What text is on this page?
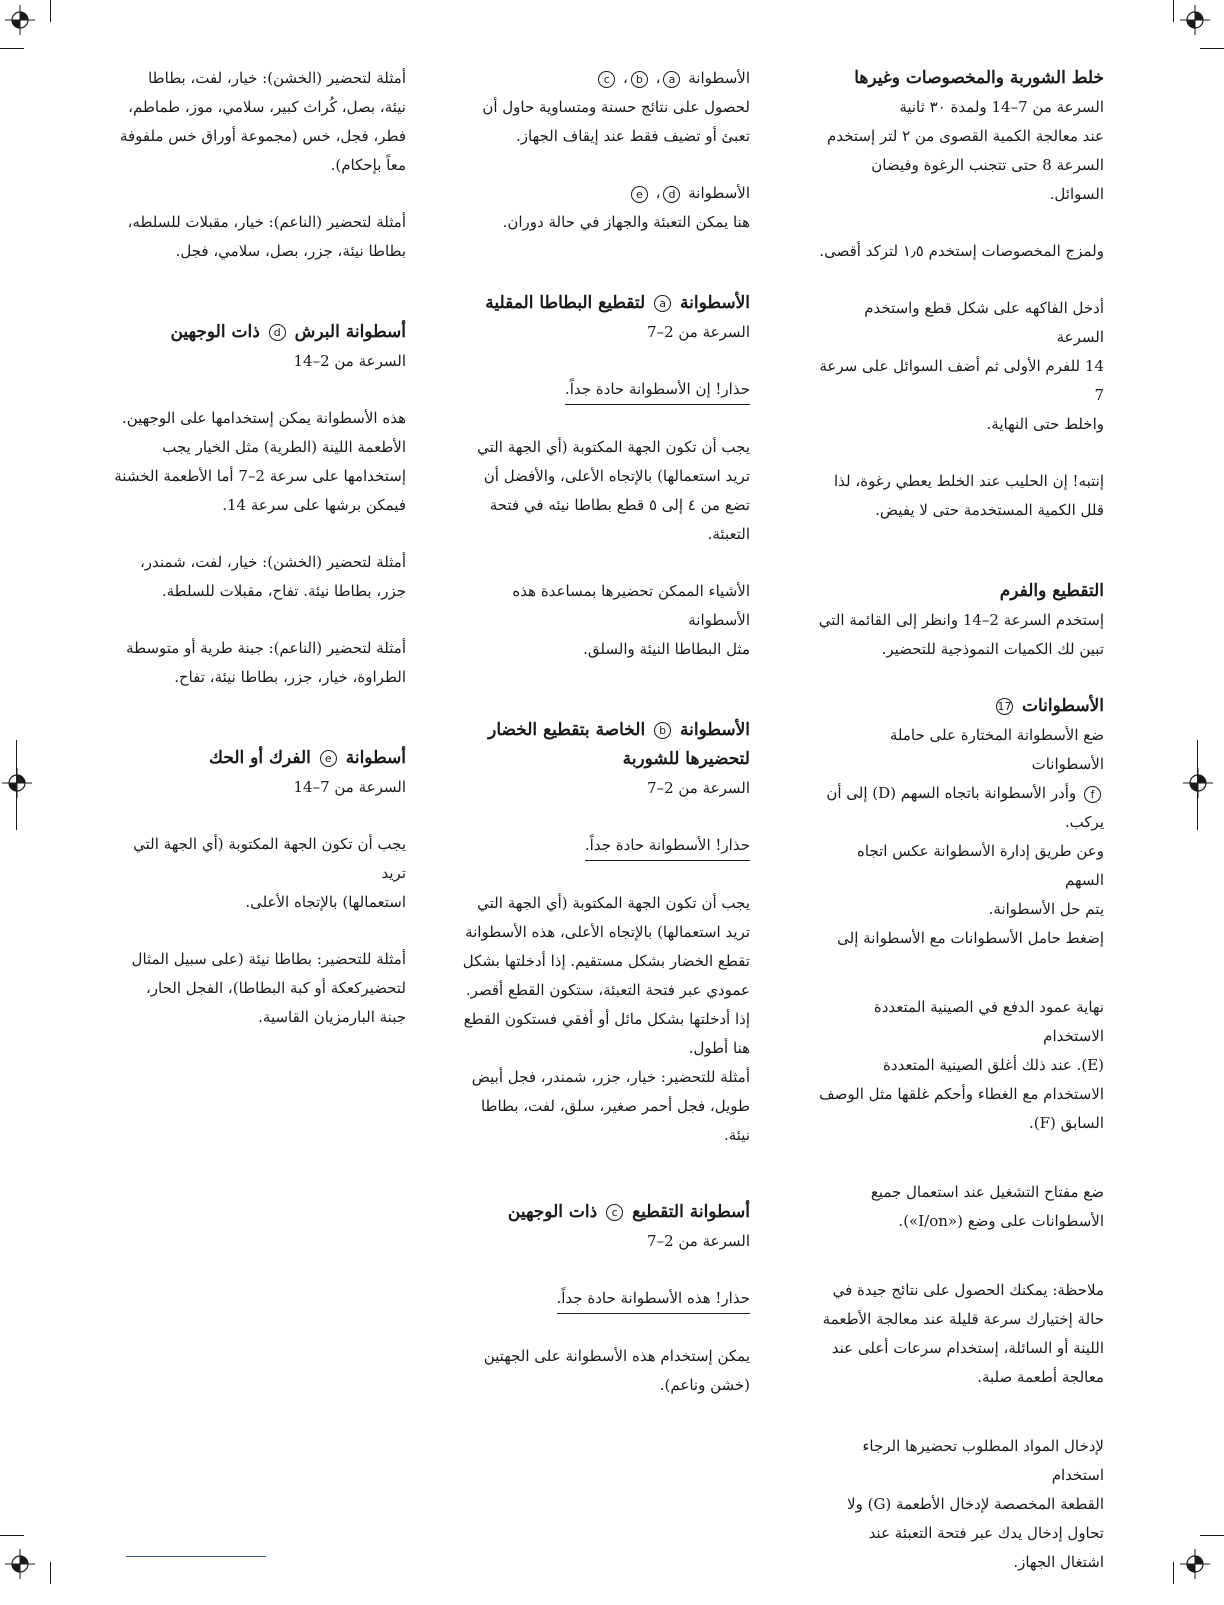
خلط الشوربة والمخصوصات وغيرها

السرعة من 7–14 ولمدة ٣٠ ثانية

عند معالجة الكمية القصوى من ٢ لتر إستخدم

السرعة 8 حتى تتجنب الرغوة وفيضان السوائل.

ولمزج المخصوصات إستخدم ١٫٥ لتركد أقصى.

أدخل الفاكهه على شكل قطع واستخدم السرعة

14 للفرم الأولى ثم أضف السوائل على سرعة 7

واخلط حتى النهاية.

إنتبه! إن الحليب عند الخلط يعطي رغوة، لذا

قلل الكمية المستخدمة حتى لا يفيض.

التقطيع والفرم

إستخدم السرعة 2–14 وانظر إلى القائمة التي

تبين لك الكميات النموذجية للتحضير.

الأسطوانات 17

ضع الأسطوانة المختارة على حاملة الأسطوانات

f وأدر الأسطوانة باتجاه السهم (D) إلى أن

يركب.

وعن طريق إدارة الأسطوانة عكس اتجاه السهم

يتم حل الأسطوانة.

إضغط حامل الأسطوانات مع الأسطوانة إلى

نهاية عمود الدفع في الصينية المتعددة الاستخدام

(E). عند ذلك أغلق الصينية المتعددة

الاستخدام مع الغطاء وأحكم غلقها مثل الوصف

السابق (F).

ضع مفتاح التشغيل عند استعمال جميع

الأسطوانات على وضع («I/on»).

ملاحظة: يمكنك الحصول على نتائج جيدة في

حالة إختيارك سرعة قليلة عند معالجة الأطعمة

اللينة أو السائلة، إستخدام سرعات أعلى عند

معالجة أطعمة صلبة.

لإدخال المواد المطلوب تحضيرها الرجاء استخدام

القطعة المخصصة لإدخال الأطعمة (G) ولا

تحاول إدخال يدك عبر فتحة التعبئة عند

اشتغال الجهاز.

الأسطوانة a، b، c

لحصول على نتائج حسنة ومتساوية حاول أن

تعبئ أو تضيف فقط عند إيقاف الجهاز.

الأسطوانة d، e

هنا يمكن التعبئة والجهاز في حالة دوران.

الأسطوانة a لتقطيع البطاطا المقلية

السرعة من 2–7

حذار! إن الأسطوانة حادة جداً.

يجب أن تكون الجهة المكتوبة (أي الجهة التي

تريد استعمالها) بالإتجاه الأعلى، والأفضل أن

تضع من ٤ إلى ٥ قطع بطاطا نيئه في فتحة

التعبئة.

الأشياء الممكن تحضيرها بمساعدة هذه الأسطوانة

مثل البطاطا النيئة والسلق.

الأسطوانة b الخاصة بتقطيع الخضار

لتحضيرها للشوربة

السرعة من 2–7

حذار! الأسطوانة حادة جداً.

يجب أن تكون الجهة المكتوبة (أي الجهة التي

تريد استعمالها) بالإتجاه الأعلى، هذه الأسطوانة

تقطع الخضار بشكل مستقيم. إذا أدخلتها بشكل

عمودي عبر فتحة التعبئة، ستكون القطع أقصر.

إذا أدخلتها بشكل مائل أو أفقي فستكون القطع

هنا أطول.

أمثلة للتحضير: خيار، جزر، شمندر، فجل أبيض

طويل، فجل أحمر صغير، سلق، لفت، بطاطا

نيئة.

أسطوانة التقطيع c ذات الوجهين

السرعة من 2–7

حذار! هذه الأسطوانة حادة جداً.

يمكن إستخدام هذه الأسطوانة على الجهتين

(خشن وناعم).

أمثلة لتحضير (الخشن): خيار، لفت، بطاطا

نيئة، بصل، كُراث كبير، سلامي، موز، طماطم،

فطر، فجل، خس (مجموعة أوراق خس ملفوفة

معاً بإحكام).

أمثلة لتحضير (الناعم): خيار، مقبلات للسلطه،

بطاطا نيئة، جزر، بصل، سلامي، فجل.

أسطوانة البرش d ذات الوجهين

السرعة من 2–14

هذه الأسطوانة يمكن إستخدامها على الوجهين.

الأطعمة اللينة (الطرية) مثل الخيار يجب

إستخدامها على سرعة 2–7 أما الأطعمة الخشنة

فيمكن برشها على سرعة 14.

أمثلة لتحضير (الخشن): خيار، لفت، شمندر،

جزر، بطاطا نيئة. تفاح، مقبلات للسلطة.

أمثلة لتحضير (الناعم): جبنة طرية أو متوسطة

الطراوة، خيار، جزر، بطاطا نيئة، تفاح.

أسطوانة e الفرك أو الحك

السرعة من 7–14

يجب أن تكون الجهة المكتوبة (أي الجهة التي تريد

استعمالها) بالإتجاه الأعلى.

أمثلة للتحضير: بطاطا نيئة (على سبيل المثال

لتحضيركعكة أو كبة البطاطا)، الفجل الحار،

جبنة البارمزيان القاسية.
